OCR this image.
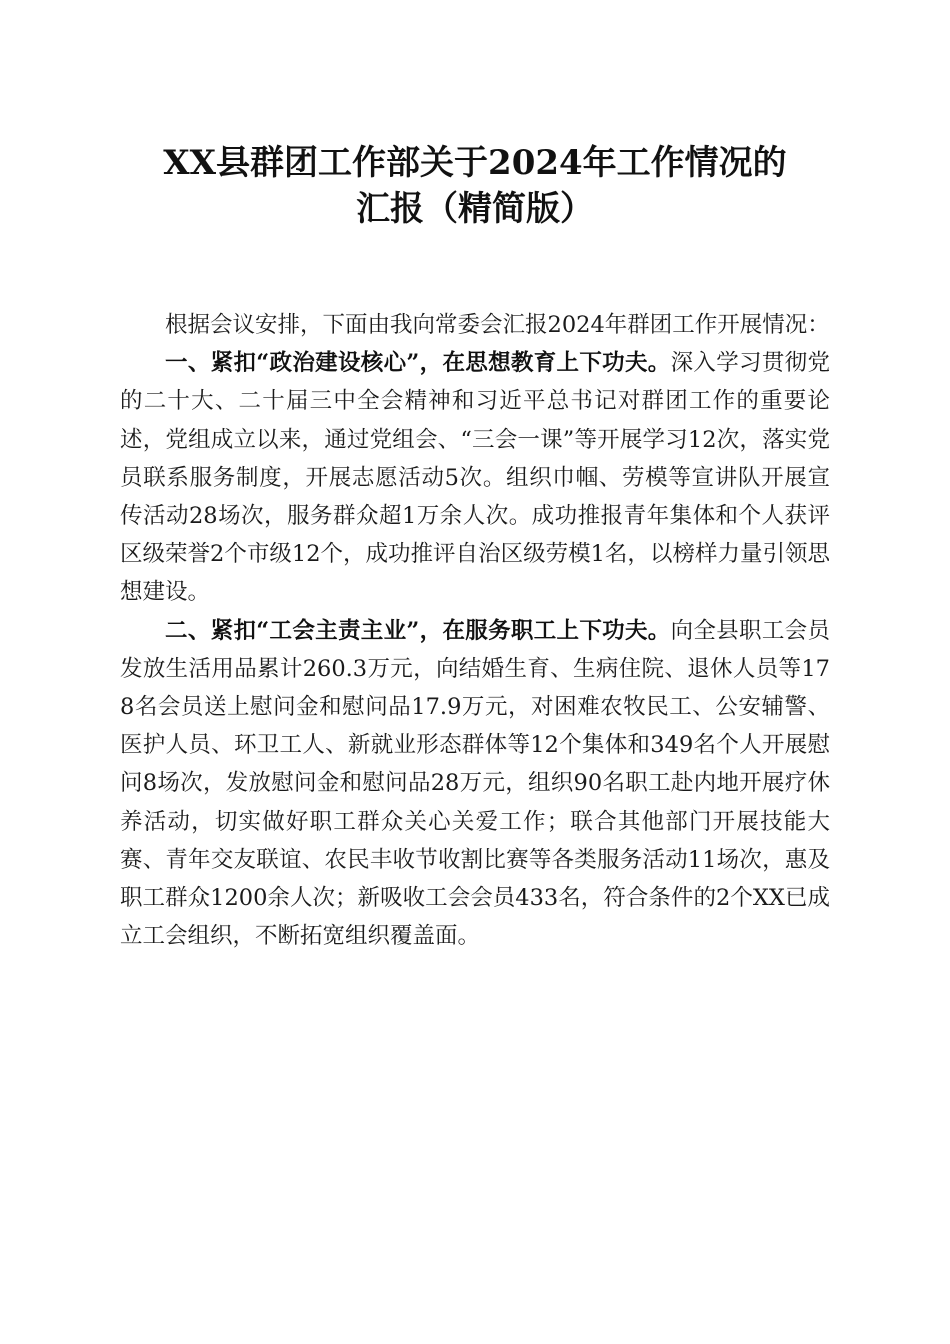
XX县群团工作部关于2024年工作情况的
汇报（精简版）

根据会议安排，下面由我向常委会汇报2024年群团工作开展情况：

一、紧扣“政治建设核心”，在思想教育上下功夫。深入学习贯彻党的二十大、二十届三中全会精神和习近平总书记对群团工作的重要论述，党组成立以来，通过党组会、“三会一课”等开展学习12次，落实党员联系服务制度，开展志愿活动5次。组织巾帼、劳模等宣讲队开展宣传活动28场次，服务群众超1万余人次。成功推报青年集体和个人获评区级荣誉2个市级12个，成功推评自治区级劳模1名，以榜样力量引领思想建设。

二、紧扣“工会主责主业”，在服务职工上下功夫。向全县职工会员发放生活用品累计260.3万元，向结婚生育、生病住院、退休人员等178名会员送上慰问金和慰问品17.9万元，对困难农牧民工、公安辅警、医护人员、环卫工人、新就业形态群体等12个集体和349名个人开展慰问8场次，发放慰问金和慰问品28万元，组织90名职工赴内地开展疗休养活动，切实做好职工群众关心关爱工作；联合其他部门开展技能大赛、青年交友联谊、农民丰收节收割比赛等各类服务活动11场次，惠及职工群众1200余人次；新吸收工会会员433名，符合条件的2个XX已成立工会组织，不断拓宽组织覆盖面。
